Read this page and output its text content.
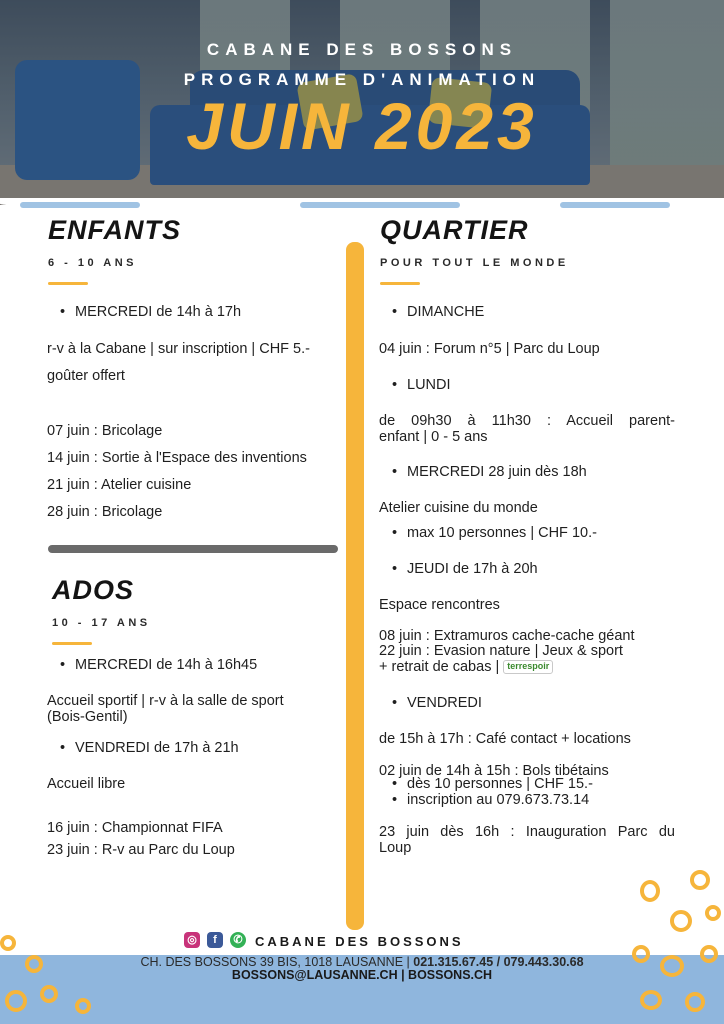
CABANE DES BOSSONS
PROGRAMME D'ANIMATION
JUIN 2023
ENFANTS
6 - 10 ANS
• MERCREDI de 14h à 17h
r-v à la Cabane | sur inscription | CHF 5.-
goûter offert
07 juin : Bricolage
14 juin : Sortie à l'Espace des inventions
21 juin : Atelier cuisine
28 juin : Bricolage
ADOS
10 - 17 ANS
• MERCREDI de 14h à 16h45
Accueil sportif | r-v à la salle de sport
(Bois-Gentil)
• VENDREDI de 17h à 21h
Accueil libre
16 juin : Championnat FIFA
23 juin : R-v au Parc du Loup
QUARTIER
POUR TOUT LE MONDE
• DIMANCHE
04 juin : Forum n°5 | Parc du Loup
• LUNDI
de 09h30 à 11h30 : Accueil parent-
enfant | 0 - 5 ans
• MERCREDI 28 juin dès 18h
Atelier cuisine du monde
• max 10 personnes | CHF 10.-
• JEUDI de 17h à 20h
Espace rencontres
08 juin : Extramuros cache-cache géant
22 juin : Evasion nature | Jeux & sport
+ retrait de cabas | terrespoir
• VENDREDI
de 15h à 17h : Café contact + locations
02 juin de 14h à 15h : Bols tibétains
• dès 10 personnes | CHF 15.-
• inscription au 079.673.73.14
23 juin dès 16h : Inauguration Parc du
Loup
◎	f	✆ CABANE DES BOSSONS
CH. DES BOSSONS 39 BIS, 1018 LAUSANNE | 021.315.67.45 / 079.443.30.68
BOSSONS@LAUSANNE.CH | BOSSONS.CH
